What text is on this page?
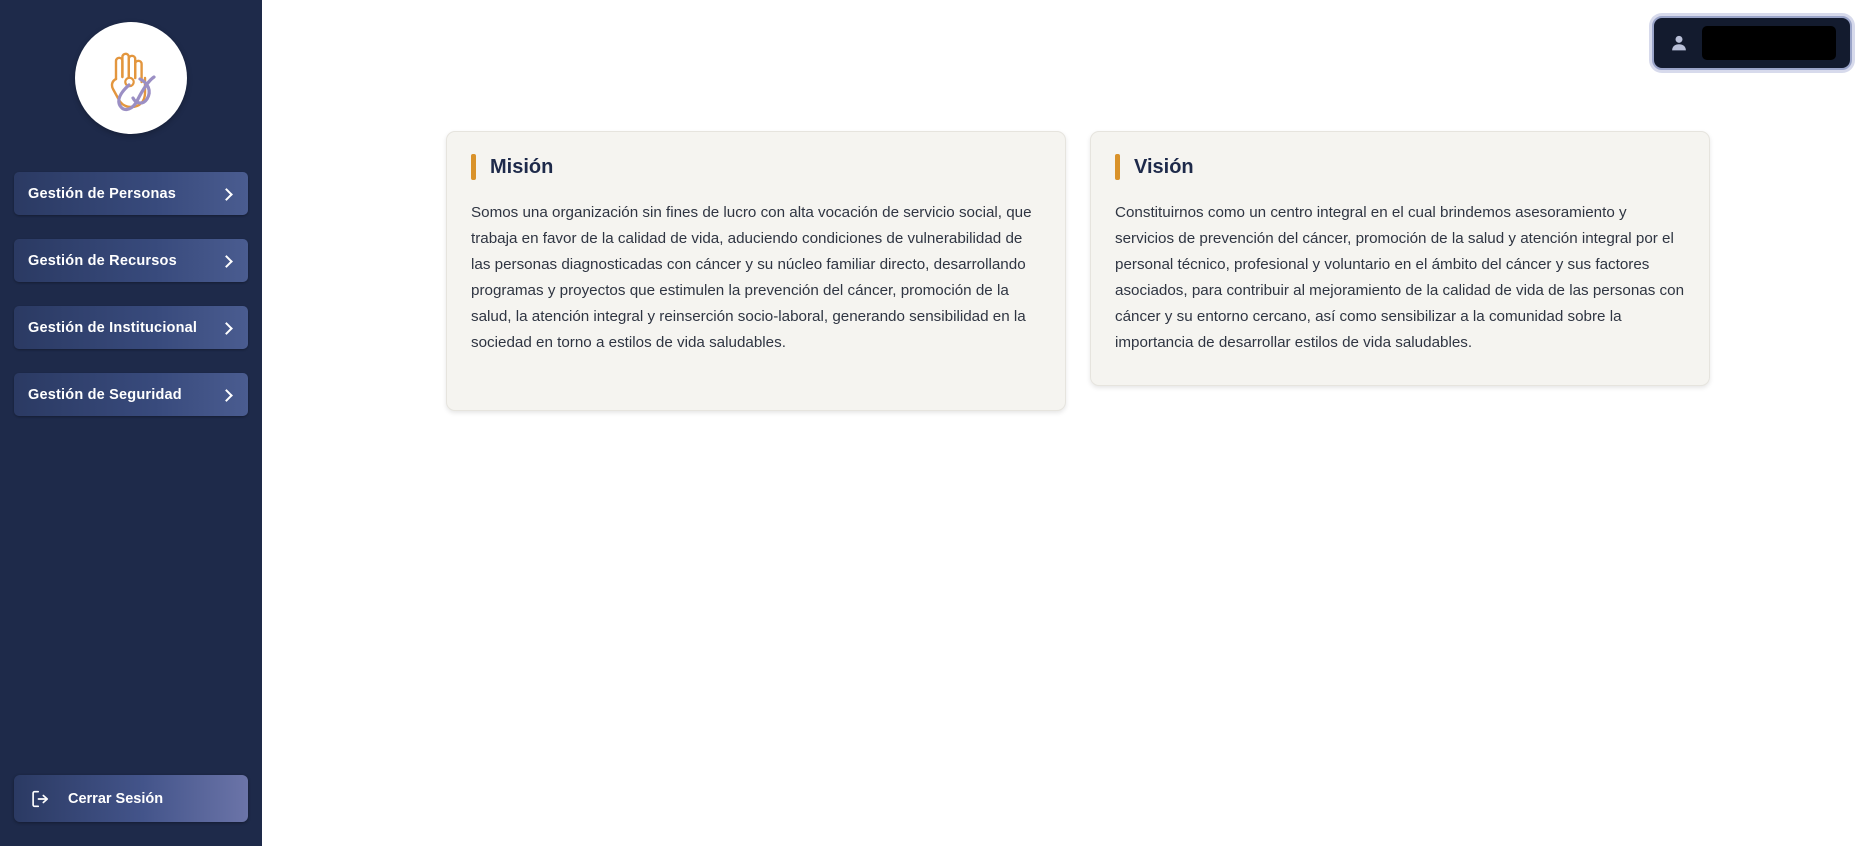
Gestión de Personas
Gestión de Recursos
Gestión de Institucional
Gestión de Seguridad
Cerrar Sesión
Misión

Somos una organización sin fines de lucro con alta vocación de servicio social, que trabaja en favor de la calidad de vida, aduciendo condiciones de vulnerabilidad de las personas diagnosticadas con cáncer y su núcleo familiar directo, desarrollando programas y proyectos que estimulen la prevención del cáncer, promoción de la salud, la atención integral y reinserción socio-laboral, generando sensibilidad en la sociedad en torno a estilos de vida saludables.

Visión

Constituirnos como un centro integral en el cual brindemos asesoramiento y servicios de prevención del cáncer, promoción de la salud y atención integral por el personal técnico, profesional y voluntario en el ámbito del cáncer y sus factores asociados, para contribuir al mejoramiento de la calidad de vida de las personas con cáncer y su entorno cercano, así como sensibilizar a la comunidad sobre la importancia de desarrollar estilos de vida saludables.
